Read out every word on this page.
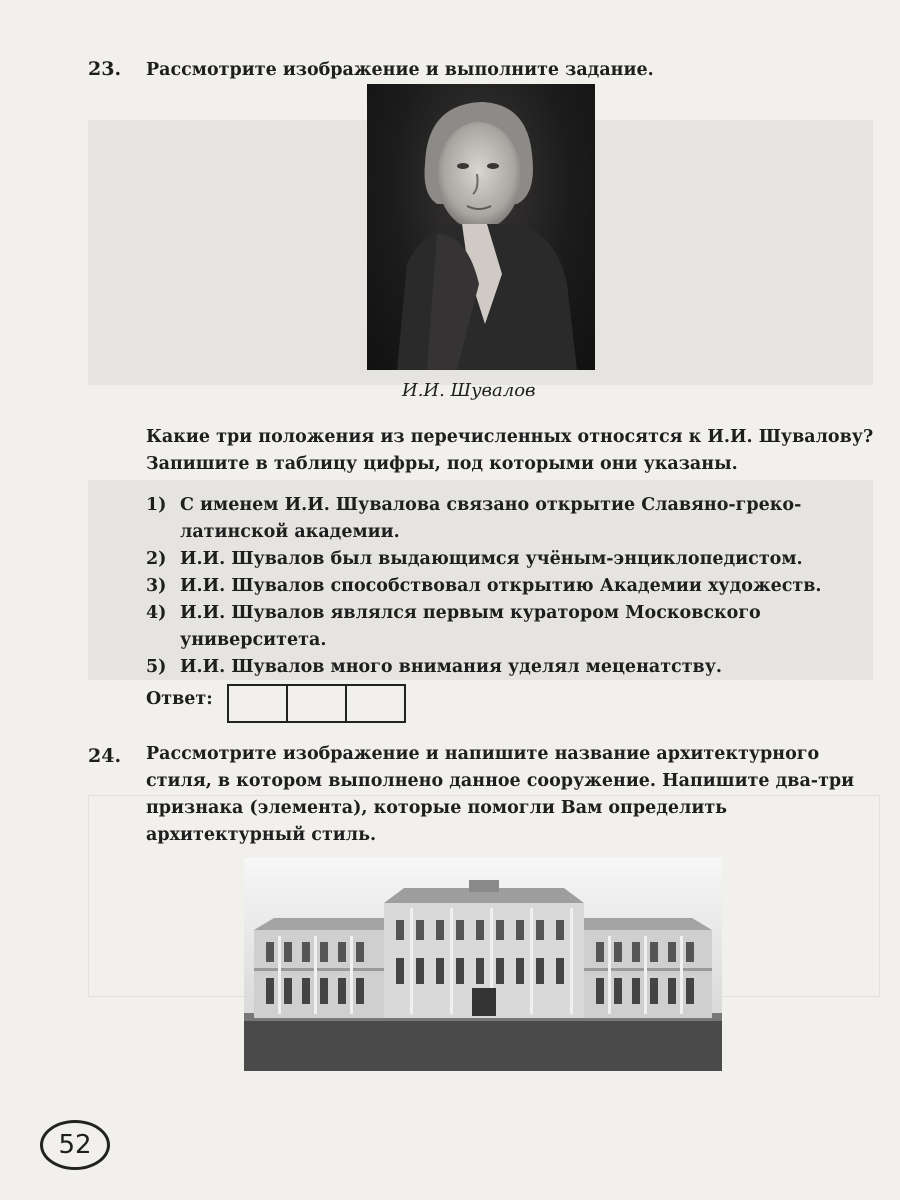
23. Рассмотрите изображение и выполните задание.
И.И. Шувалов
Какие три положения из перечисленных относятся к И.И. Шувалову? Запишите в таблицу цифры, под которыми они указаны.
1) С именем И.И. Шувалова связано открытие Славяно-греко-латинской академии.
2) И.И. Шувалов был выдающимся учёным-энциклопедистом.
3) И.И. Шувалов способствовал открытию Академии художеств.
4) И.И. Шувалов являлся первым куратором Московского университета.
5) И.И. Шувалов много внимания уделял меценатству.
Ответ:
24. Рассмотрите изображение и напишите название архитектурного стиля, в котором выполнено данное сооружение. Напишите два-три признака (элемента), которые помогли Вам определить архитектурный стиль.
52
